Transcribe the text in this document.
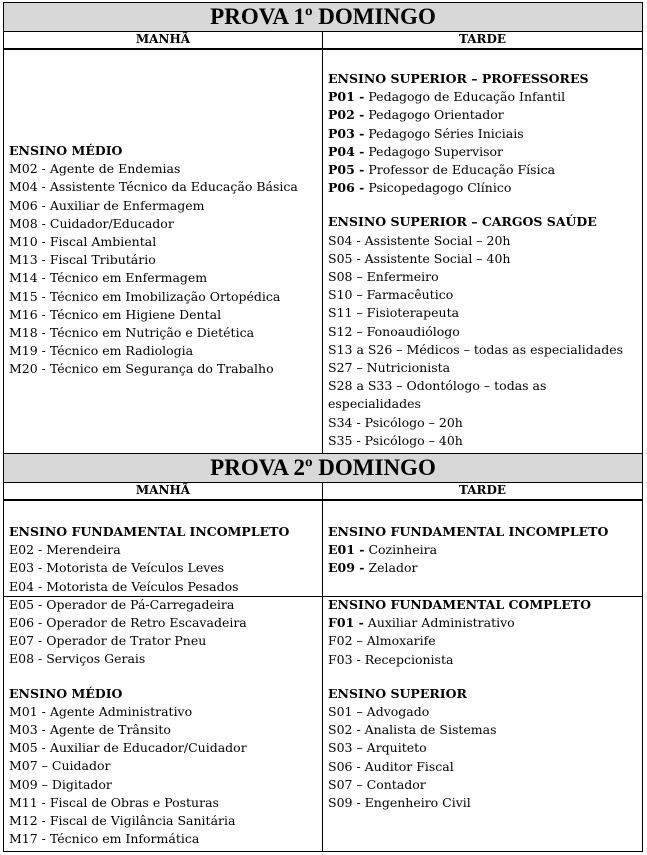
PROVA 1º DOMINGO
MANHÃ	TARDE
ENSINO MÉDIO
M02 - Agente de Endemias
M04 - Assistente Técnico da Educação Básica
M06 - Auxiliar de Enfermagem
M08 - Cuidador/Educador
M10 - Fiscal Ambiental
M13 - Fiscal Tributário
M14 - Técnico em Enfermagem
M15 - Técnico em Imobilização Ortopédica
M16 - Técnico em Higiene Dental
M18 - Técnico em Nutrição e Dietética
M19 - Técnico em Radiologia
M20 - Técnico em Segurança do Trabalho
ENSINO SUPERIOR – PROFESSORES
P01 - Pedagogo de Educação Infantil
P02 - Pedagogo Orientador
P03 - Pedagogo Séries Iniciais
P04 - Pedagogo Supervisor
P05 - Professor de Educação Física
P06 - Psicopedagogo Clínico
ENSINO SUPERIOR – CARGOS SAÚDE
S04 - Assistente Social – 20h
S05 - Assistente Social – 40h
S08 – Enfermeiro
S10 – Farmacêutico
S11 – Fisioterapeuta
S12 – Fonoaudiólogo
S13 a S26 – Médicos – todas as especialidades
S27 – Nutricionista
S28 a S33 – Odontólogo – todas as
especialidades
S34 - Psicólogo – 20h
S35 - Psicólogo – 40h
PROVA 2º DOMINGO
MANHÃ	TARDE
ENSINO FUNDAMENTAL INCOMPLETO
E02 - Merendeira
E03 - Motorista de Veículos Leves
E04 - Motorista de Veículos Pesados
E05 - Operador de Pá-Carregadeira
E06 - Operador de Retro Escavadeira
E07 - Operador de Trator Pneu
E08 - Serviços Gerais
ENSINO MÉDIO
M01 - Agente Administrativo
M03 - Agente de Trânsito
M05 - Auxiliar de Educador/Cuidador
M07 – Cuidador
M09 – Digitador
M11 - Fiscal de Obras e Posturas
M12 - Fiscal de Vigilância Sanitária
M17 - Técnico em Informática
ENSINO FUNDAMENTAL INCOMPLETO
E01 - Cozinheira
E09 - Zelador
ENSINO FUNDAMENTAL COMPLETO
F01 - Auxiliar Administrativo
F02 – Almoxarife
F03 - Recepcionista
ENSINO SUPERIOR
S01 – Advogado
S02 - Analista de Sistemas
S03 – Arquiteto
S06 - Auditor Fiscal
S07 – Contador
S09 - Engenheiro Civil
